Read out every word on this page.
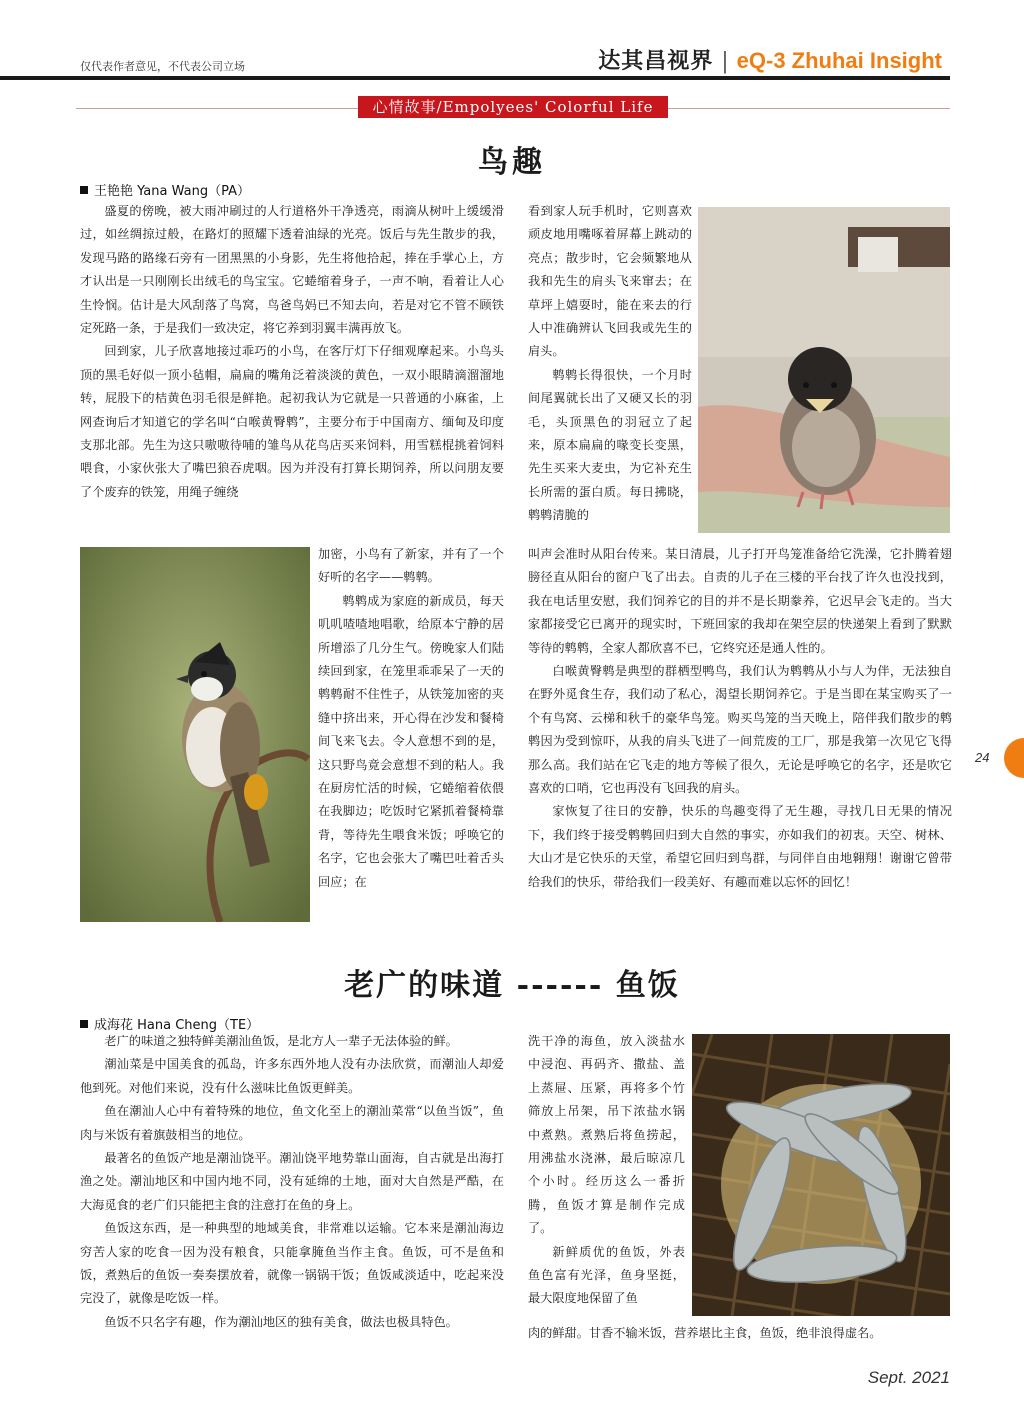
仅代表作者意见，不代表公司立场	达其昌视界 | eQ-3 Zhuhai Insight
心情故事/Empolyees' Colorful Life
鸟趣
王艳艳 Yana Wang（PA）

盛夏的傍晚，被大雨冲刷过的人行道格外干净透亮，雨滴从树叶上缓缓滑过，如丝绸掠过般，在路灯的照耀下透着油绿的光亮。饭后与先生散步的我，发现马路的路缘石旁有一团黑黑的小身影，先生将他拾起，捧在手掌心上，方才认出是一只刚刚长出绒毛的鸟宝宝。它蜷缩着身子，一声不响，看着让人心生怜悯。估计是大风刮落了鸟窝，鸟爸鸟妈已不知去向，若是对它不管不顾铁定死路一条，于是我们一致决定，将它养到羽翼丰满再放飞。

回到家，儿子欣喜地接过乖巧的小鸟，在客厅灯下仔细观摩起来。小鸟头顶的黑毛好似一顶小毡帽，扁扁的嘴角泛着淡淡的黄色，一双小眼睛滴溜溜地转，屁股下的桔黄色羽毛很是鲜艳。起初我认为它就是一只普通的小麻雀，上网查询后才知道它的学名叫“白喉黄臀鹎”，主要分布于中国南方、缅甸及印度支那北部。先生为这只嗷嗷待哺的雏鸟从花鸟店买来饲料，用雪糕棍挑着饲料喂食，小家伙张大了嘴巴狼吞虎咽。因为并没有打算长期饲养，所以问朋友要了个废弃的铁笼，用绳子缠绕

加密，小鸟有了新家，并有了一个好听的名字——鹎鹎。

鹎鹎成为家庭的新成员，每天叽叽喳喳地唱歌，给原本宁静的居所增添了几分生气。傍晚家人们陆续回到家，在笼里乖乖呆了一天的鹎鹎耐不住性子，从铁笼加密的夹缝中挤出来，开心得在沙发和餐椅间飞来飞去。令人意想不到的是，这只野鸟竟会意想不到的粘人。我在厨房忙活的时候，它蜷缩着依偎在我脚边；吃饭时它紧抓着餐椅靠背，等待先生喂食米饭；呼唤它的名字，它也会张大了嘴巴吐着舌头回应；在

看到家人玩手机时，它则喜欢顽皮地用嘴啄着屏幕上跳动的亮点；散步时，它会频繁地从我和先生的肩头飞来窜去；在草坪上嬉耍时，能在来去的行人中准确辨认飞回我或先生的肩头。

鹎鹎长得很快，一个月时间尾翼就长出了又硬又长的羽毛，头顶黑色的羽冠立了起来，原本扁扁的喙变长变黑，先生买来大麦虫，为它补充生长所需的蛋白质。每日拂晓，鹎鹎清脆的

叫声会准时从阳台传来。某日清晨，儿子打开鸟笼准备给它洗澡，它扑腾着翅膀径直从阳台的窗户飞了出去。自责的儿子在三楼的平台找了许久也没找到，我在电话里安慰，我们饲养它的目的并不是长期豢养，它迟早会飞走的。当大家都接受它已离开的现实时，下班回家的我却在架空层的快递架上看到了默默等待的鹎鹎，全家人都欣喜不已，它终究还是通人性的。

白喉黄臀鹎是典型的群栖型鸭鸟，我们认为鹎鹎从小与人为伴，无法独自在野外觅食生存，我们动了私心，渴望长期饲养它。于是当即在某宝购买了一个有鸟窝、云梯和秋千的豪华鸟笼。购买鸟笼的当天晚上，陪伴我们散步的鹎鹎因为受到惊吓，从我的肩头飞进了一间荒废的工厂，那是我第一次见它飞得那么高。我们站在它飞走的地方等候了很久，无论是呼唤它的名字，还是吹它喜欢的口哨，它也再没有飞回我的肩头。

家恢复了往日的安静，快乐的鸟趣变得了无生趣，寻找几日无果的情况下，我们终于接受鹎鹎回归到大自然的事实，亦如我们的初衷。天空、树林、大山才是它快乐的天堂，希望它回归到鸟群，与同伴自由地翱翔！谢谢它曾带给我们的快乐，带给我们一段美好、有趣而难以忘怀的回忆！

24
老广的味道 ------ 鱼饭
成海花 Hana Cheng（TE）

老广的味道之独特鲜美潮汕鱼饭，是北方人一辈子无法体验的鲜。

潮汕菜是中国美食的孤岛，许多东西外地人没有办法欣赏，而潮汕人却爱他到死。对他们来说，没有什么滋味比鱼饭更鲜美。

鱼在潮汕人心中有着特殊的地位，鱼文化至上的潮汕菜常“以鱼当饭”，鱼肉与米饭有着旗鼓相当的地位。

最著名的鱼饭产地是潮汕饶平。潮汕饶平地势靠山面海，自古就是出海打渔之处。潮汕地区和中国内地不同，没有延绵的土地，面对大自然是严酷，在大海觅食的老广们只能把主食的注意打在鱼的身上。

鱼饭这东西，是一种典型的地域美食，非常难以运输。它本来是潮汕海边穷苦人家的吃食一因为没有粮食，只能拿腌鱼当作主食。鱼饭，可不是鱼和饭，煮熟后的鱼饭一奏奏摆放着，就像一锅锅干饭；鱼饭咸淡适中，吃起来没完没了，就像是吃饭一样。

鱼饭不只名字有趣，作为潮汕地区的独有美食，做法也极具特色。

洗干净的海鱼，放入淡盐水中浸泡、再码齐、撒盐、盖上蒸屉、压紧，再将多个竹筛放上吊架，吊下浓盐水锅中煮熟。煮熟后将鱼捞起，用沸盐水浇淋，最后晾凉几个小时。经历这么一番折腾，鱼饭才算是制作完成了。

新鲜质优的鱼饭，外表鱼色富有光泽，鱼身坚挺，最大限度地保留了鱼

肉的鲜甜。甘香不输米饭，营养堪比主食，鱼饭，绝非浪得虚名。

Sept. 2021
